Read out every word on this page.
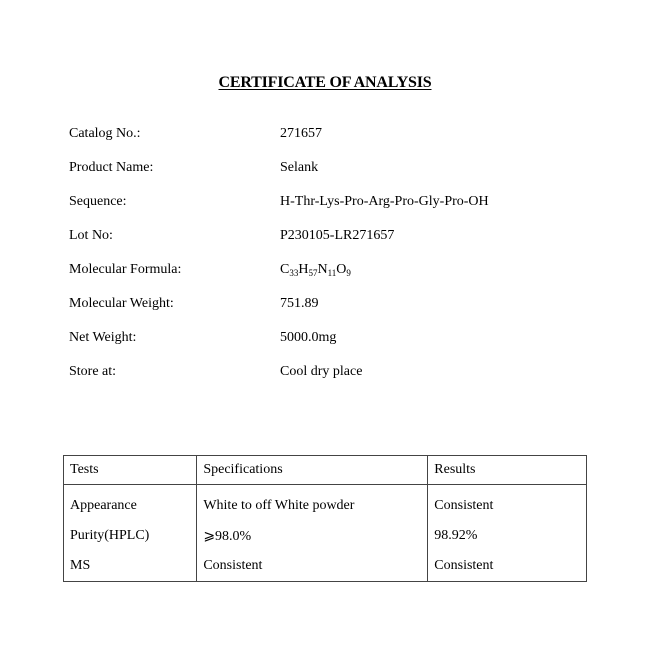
CERTIFICATE OF ANALYSIS
Catalog No.:	271657
Product Name:	Selank
Sequence:	H-Thr-Lys-Pro-Arg-Pro-Gly-Pro-OH
Lot No:	P230105-LR271657
Molecular Formula:	$C_{33}H_{57}N_{11}O_9$
Molecular Weight:	751.89
Net Weight:	5000.0mg
Store at:	Cool dry place
Tests	Specifications	Results
Appearance	White to off White powder	Consistent
Purity(HPLC)	⩾98.0%	98.92%
MS	Consistent	Consistent
